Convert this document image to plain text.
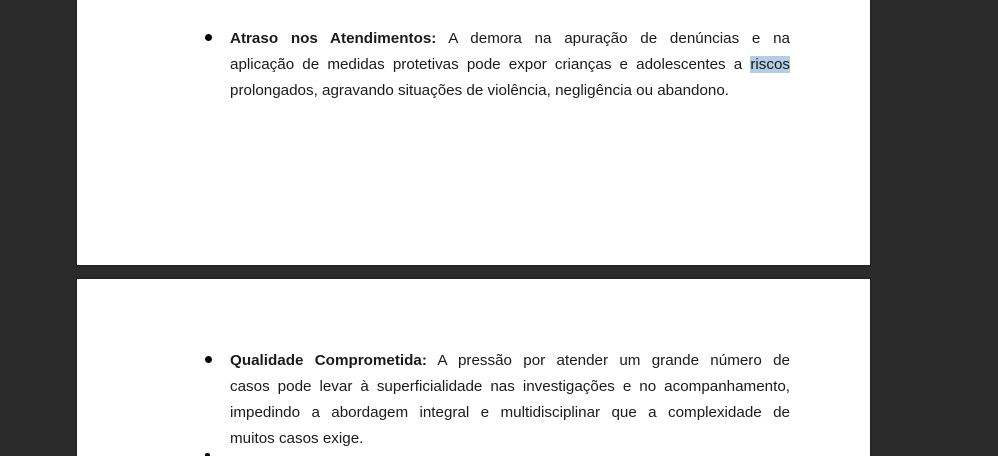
Atraso nos Atendimentos: A demora na apuração de denúncias e na
aplicação de medidas protetivas pode expor crianças e adolescentes a riscos
prolongados, agravando situações de violência, negligência ou abandono.

Qualidade Comprometida: A pressão por atender um grande número de
casos pode levar à superficialidade nas investigações e no acompanhamento,
impedindo a abordagem integral e multidisciplinar que a complexidade de
muitos casos exige.
